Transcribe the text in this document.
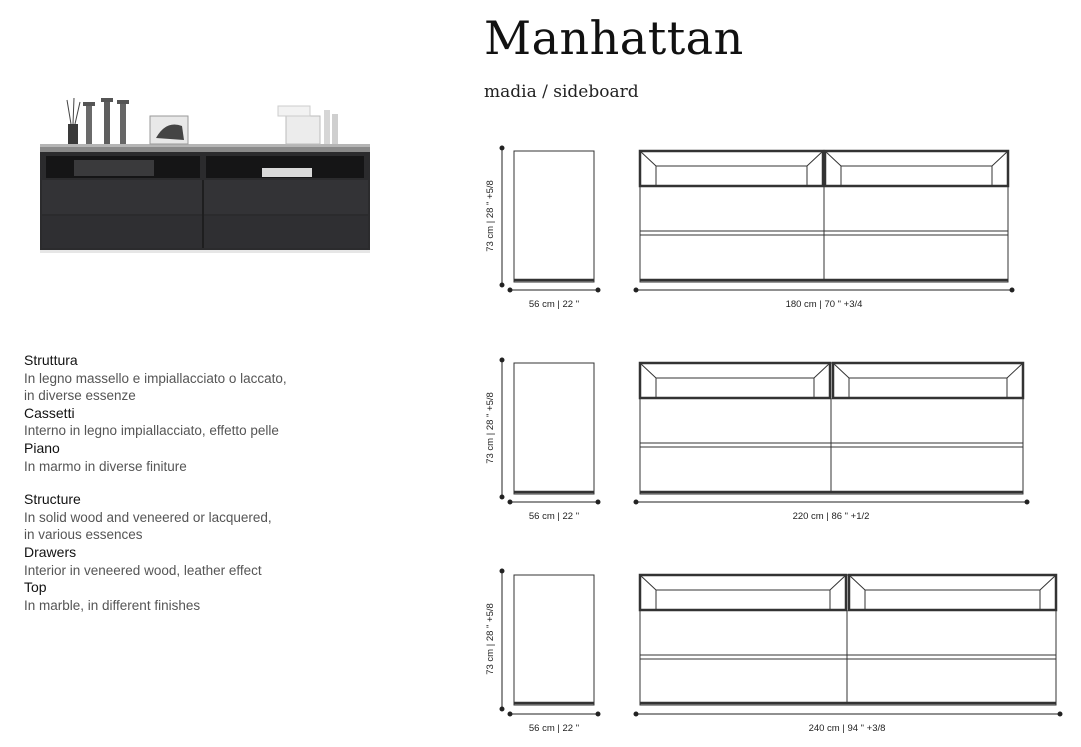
Manhattan
madia / sideboard
Struttura
In legno massello e impiallacciato o laccato,
in diverse essenze
Cassetti
Interno in legno impiallacciato, effetto pelle
Piano
In marmo in diverse finiture
Structure
In solid wood and veneered or lacquered,
in various essences
Drawers
Interior in veneered wood, leather effect
Top
In marble, in different finishes
73 cm | 28 " +5/8
56 cm | 22 "	180 cm | 70 " +3/4
73 cm | 28 " +5/8
56 cm | 22 "	220 cm | 86 " +1/2
73 cm | 28 " +5/8
56 cm | 22 "	240 cm | 94 " +3/8
